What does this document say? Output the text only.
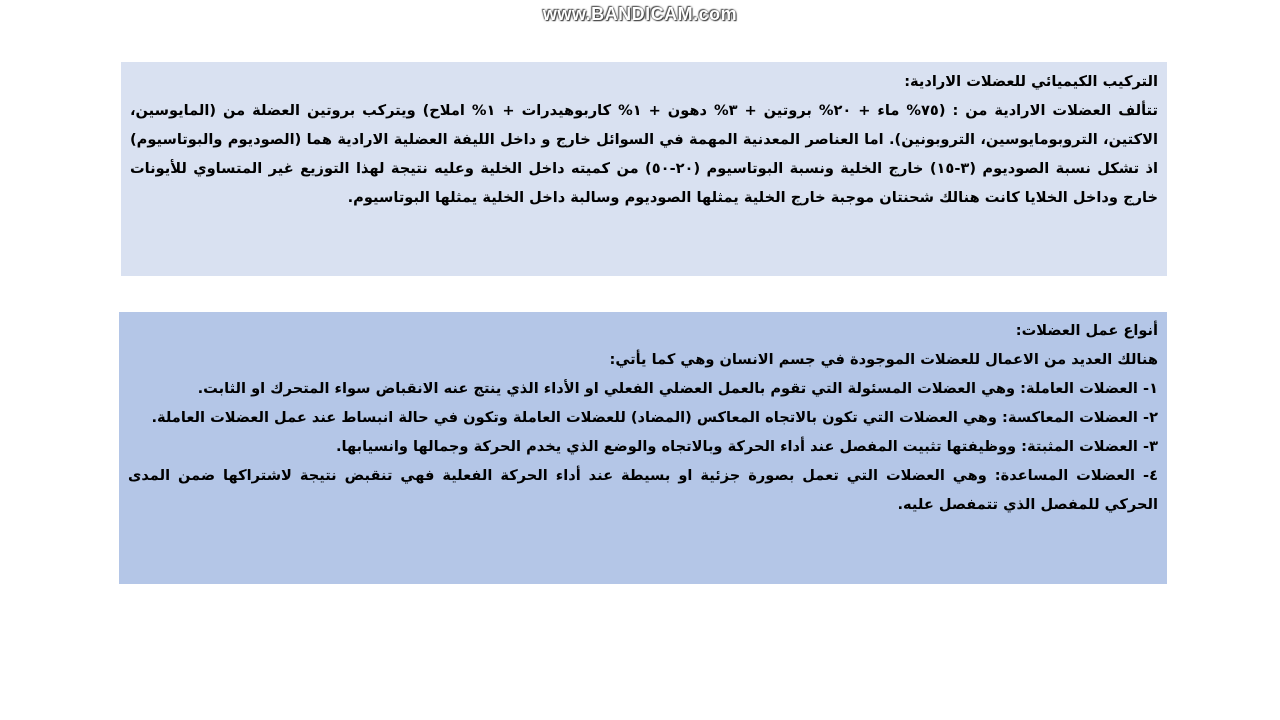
www.BANDICAM.com

التركيب الكيميائي للعضلات الارادية:

تتألف العضلات الارادية من : (٧٥% ماء + ٢٠% بروتين + ٣% دهون + ١% كاربوهيدرات + ١% املاح) ويتركب بروتين العضلة من (المايوسين، الاكتين، التروبومايوسين، التروبونين). اما العناصر المعدنية المهمة في السوائل خارج و داخل الليفة العضلية الارادية هما (الصوديوم والبوتاسيوم) اذ تشكل نسبة الصوديوم (٣-١٥) خارج الخلية ونسبة البوتاسيوم (٢٠-٥٠) من كميته داخل الخلية وعليه نتيجة لهذا التوزيع غير المتساوي للأيونات خارج وداخل الخلايا كانت هنالك شحنتان موجبة خارج الخلية يمثلها الصوديوم وسالبة داخل الخلية يمثلها البوتاسيوم.

أنواع عمل العضلات:

هنالك العديد من الاعمال للعضلات الموجودة في جسم الانسان وهي كما يأتي:

١- العضلات العاملة: وهي العضلات المسئولة التي تقوم بالعمل العضلي الفعلي او الأداء الذي ينتج عنه الانقباض سواء المتحرك او الثابت.

٢- العضلات المعاكسة: وهي العضلات التي تكون بالاتجاه المعاكس (المضاد) للعضلات العاملة وتكون في حالة انبساط عند عمل العضلات العاملة.

٣- العضلات المثبتة: ووظيفتها تثبيت المفصل عند أداء الحركة وبالاتجاه والوضع الذي يخدم الحركة وجمالها وانسيابها.

٤- العضلات المساعدة: وهي العضلات التي تعمل بصورة جزئية او بسيطة عند أداء الحركة الفعلية فهي تنقبض نتيجة لاشتراكها ضمن المدى الحركي للمفصل الذي تتمفصل عليه.
